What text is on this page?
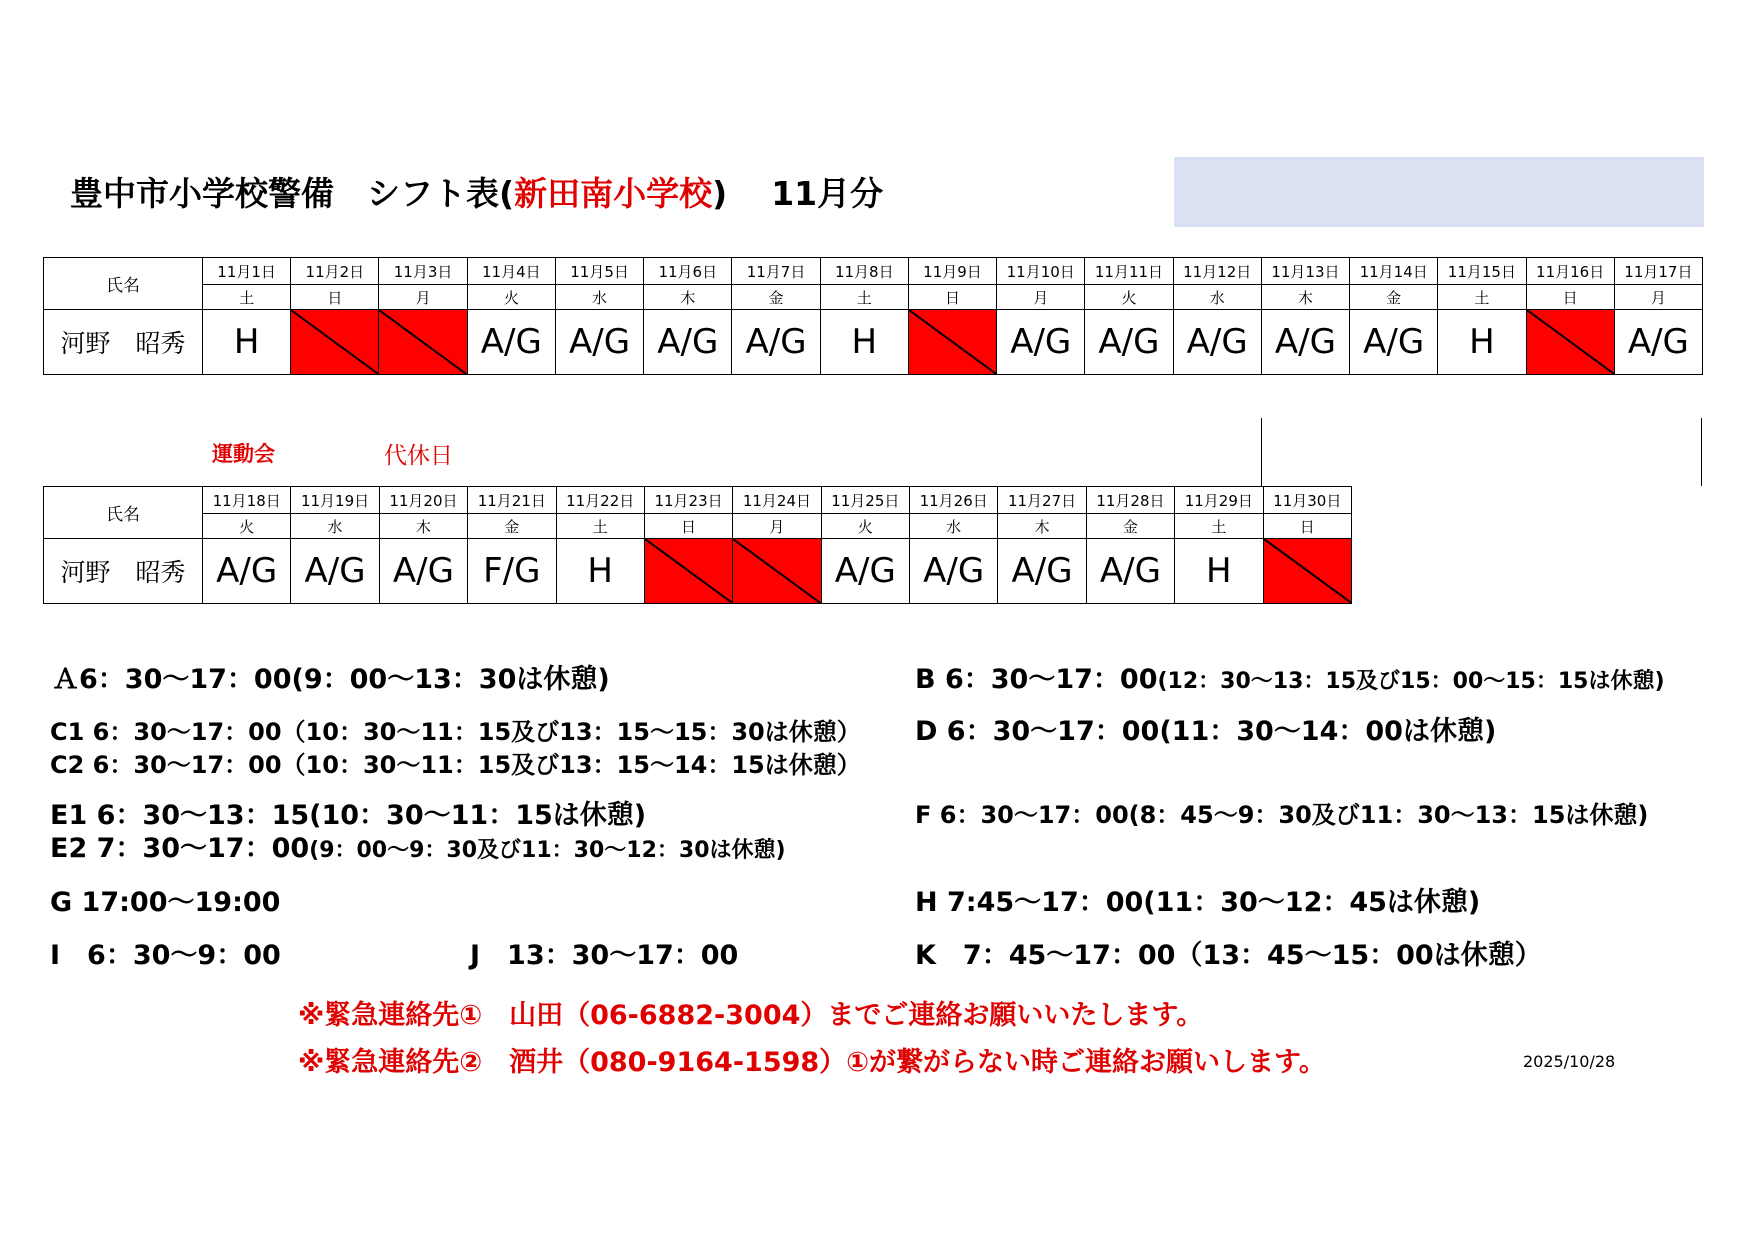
豊中市小学校警備　シフト表(新田南小学校) 11月分
氏名	11月1日	11月2日	11月3日	11月4日	11月5日	11月6日	11月7日	11月8日	11月9日	11月10日	11月11日	11月12日	11月13日	11月14日	11月15日	11月16日	11月17日
	土	日	月	火	水	木	金	土	日	月	火	水	木	金	土	日	月
河野　昭秀	H			A/G	A/G	A/G	A/G	H		A/G	A/G	A/G	A/G	A/G	H		A/G
氏名	11月18日	11月19日	11月20日	11月21日	11月22日	11月23日	11月24日	11月25日	11月26日	11月27日	11月28日	11月29日	11月30日
	火	水	木	金	土	日	月	火	水	木	金	土	日
河野　昭秀	A/G	A/G	A/G	F/G	H			A/G	A/G	A/G	A/G	H	
運動会	代休日
Ａ6：30～17：00(9：00～13：30は休憩)	B 6：30～17：00(12：30～13：15及び15：00～15：15は休憩)
C1 6：30～17：00（10：30～11：15及び13：15～15：30は休憩）
C2 6：30～17：00（10：30～11：15及び13：15～14：15は休憩）
D 6：30～17：00(11：30～14：00は休憩)
E1 6：30～13：15(10：30～11：15は休憩)
E2 7：30～17：00(9：00～9：30及び11：30～12：30は休憩)
F 6：30～17：00(8：45～9：30及び11：30～13：15は休憩)
G 17:00～19:00	H 7:45～17：00(11：30～12：45は休憩)
I　6：30～9：00	J　13：30～17：00	K　7：45～17：00（13：45～15：00は休憩）
※緊急連絡先①　山田（06-6882-3004）までご連絡お願いいたします。
※緊急連絡先②　酒井（080-9164-1598）①が繋がらない時ご連絡お願いします。	2025/10/28
